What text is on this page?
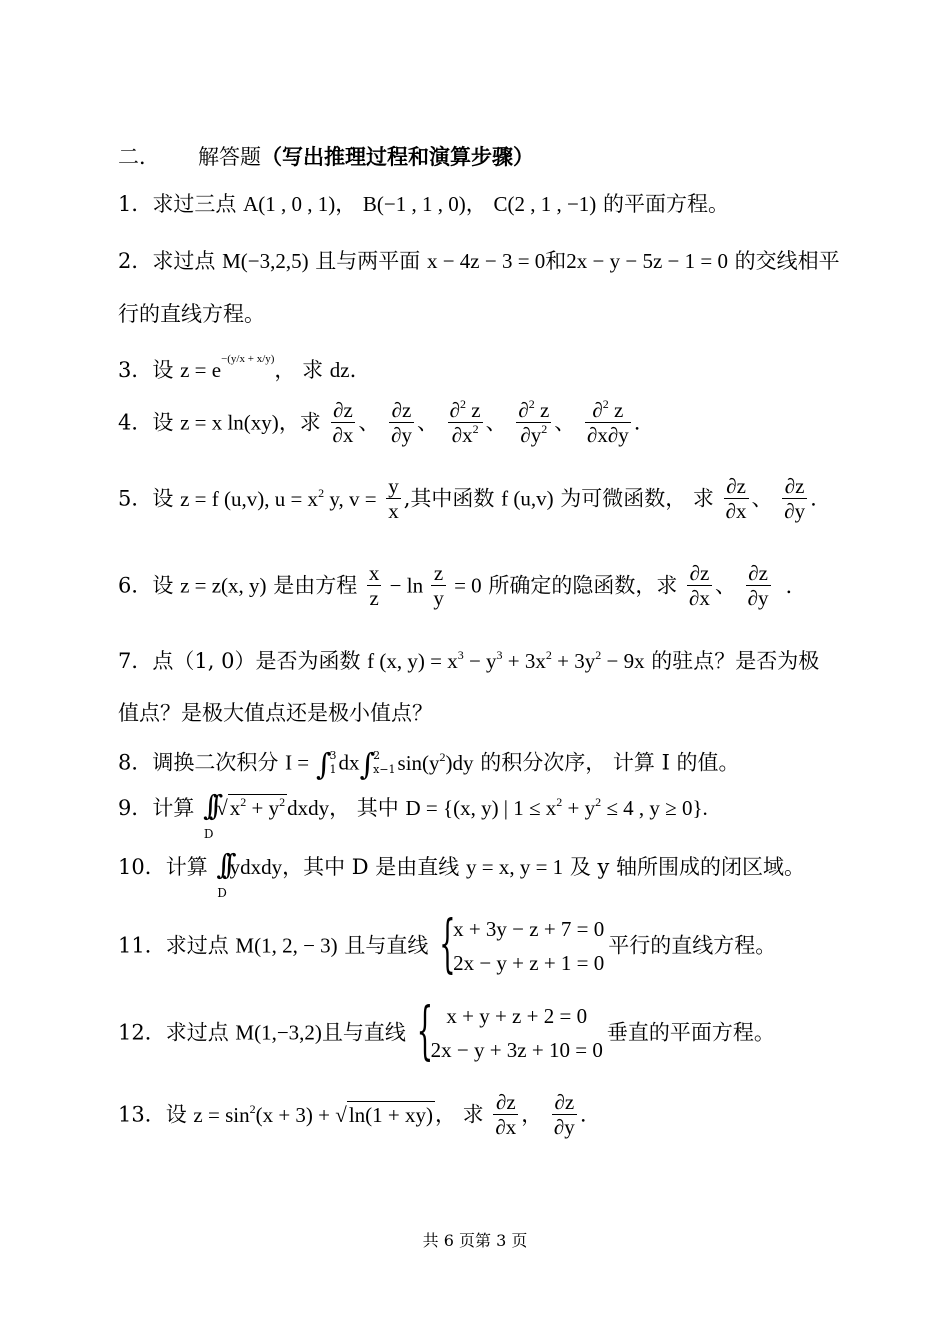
二． 解答题（写出推理过程和演算步骤）
1．求过三点 A(1 , 0 , 1)， B(−1 , 1 , 0)， C(2 , 1 , −1) 的平面方程。
2．求过点 M(−3,2,5) 且与两平面 x − 4z − 3 = 0和2x − y − 5z − 1 = 0 的交线相平
行的直线方程。
3．设 $z = e^{-(y/x + x/y)}$， 求 dz.
4．设 z = x ln(xy)，求 $\frac{\partial z}{\partial x}$ 、 $\frac{\partial z}{\partial y}$ 、 $\frac{\partial^2 z}{\partial x^2}$ 、 $\frac{\partial^2 z}{\partial y^2}$ 、 $\frac{\partial^2 z}{\partial x\partial y}$ .
5．设 z = f (u,v), $u = x^2$ y, $v = \frac{y}{x}$ ,其中函数 f (u,v) 为可微函数， 求 $\frac{\partial z}{\partial x}$ 、 $\frac{\partial z}{\partial y}$ .
6．设 z = z(x, y) 是由方程 $\frac{x}{z} - \ln \frac{z}{y} = 0$ 所确定的隐函数，求 $\frac{\partial z}{\partial x}$ 、 $\frac{\partial z}{\partial y}$ .
7．点（1, 0）是否为函数 f (x, $y) = x^3 - y^3 + 3x^2 + 3y^2 - 9x$ 的驻点？是否为极
值点？是极大值点还是极小值点？
8．调换二次积分 I = ∫
3
1 dx∫
2
x−1 $\sin(y^2)dy$ 的积分次序， 计算 I 的值。
9．计算 ∫∫
D
$√x^2$ + $y^2dxdy$， 其中 D = {(x, y) | $1 \le x^2 + y^2 \le 4$ , y ≥ 0}.
10．计算 ∫∫
D
ydxdy，其中 D 是由直线 y = x, y = 1 及 y 轴所围成的闭区域。
11．求过点 M(1, 2, − 3) 且与直线 {
x + 3y − z + 7 = 0
2x − y + z + 1 = 0
平行的直线方程。
12．求过点 M(1,−3,2)且与直线 { x + y + z + 2 = 0
2x − y + 3z + 10 = 0
垂直的平面方程。
13．设 $z = \sin^2(x + 3) + √\ln(1 + xy)$， 求 $\frac{\partial z}{\partial x}$ ， $\frac{\partial z}{\partial y}$ .
共 6 页第 3 页
